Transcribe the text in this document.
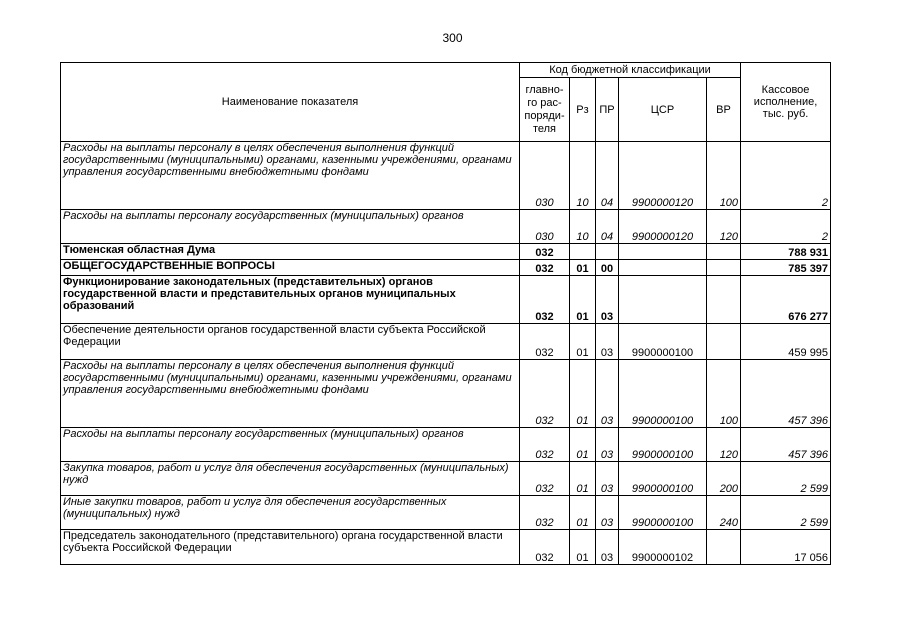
300
Наименование показателя	Код бюджетной классификации					Кассовое исполнение, тыс. руб.
	главно-го рас-поряди-теля	Рз	ПР	ЦСР	ВР	
Расходы на выплаты персоналу в целях обеспечения выполнения функций государственными (муниципальными) органами, казенными учреждениями, органами управления государственными внебюджетными фондами	030	10	04	9900000120	100	2
Расходы на выплаты персоналу государственных (муниципальных) органов	030	10	04	9900000120	120	2
Тюменская областная Дума	032					788 931
ОБЩЕГОСУДАРСТВЕННЫЕ ВОПРОСЫ	032	01	00			785 397
Функционирование законодательных (представительных) органов государственной власти и представительных органов муниципальных образований	032	01	03			676 277
Обеспечение деятельности органов государственной власти субъекта Российской Федерации	032	01	03	9900000100		459 995
Расходы на выплаты персоналу в целях обеспечения выполнения функций государственными (муниципальными) органами, казенными учреждениями, органами управления государственными внебюджетными фондами	032	01	03	9900000100	100	457 396
Расходы на выплаты персоналу государственных (муниципальных) органов	032	01	03	9900000100	120	457 396
Закупка товаров, работ и услуг для обеспечения государственных (муниципальных) нужд	032	01	03	9900000100	200	2 599
Иные закупки товаров, работ и услуг для обеспечения государственных (муниципальных) нужд	032	01	03	9900000100	240	2 599
Председатель законодательного (представительного) органа государственной власти субъекта Российской Федерации	032	01	03	9900000102		17 056
